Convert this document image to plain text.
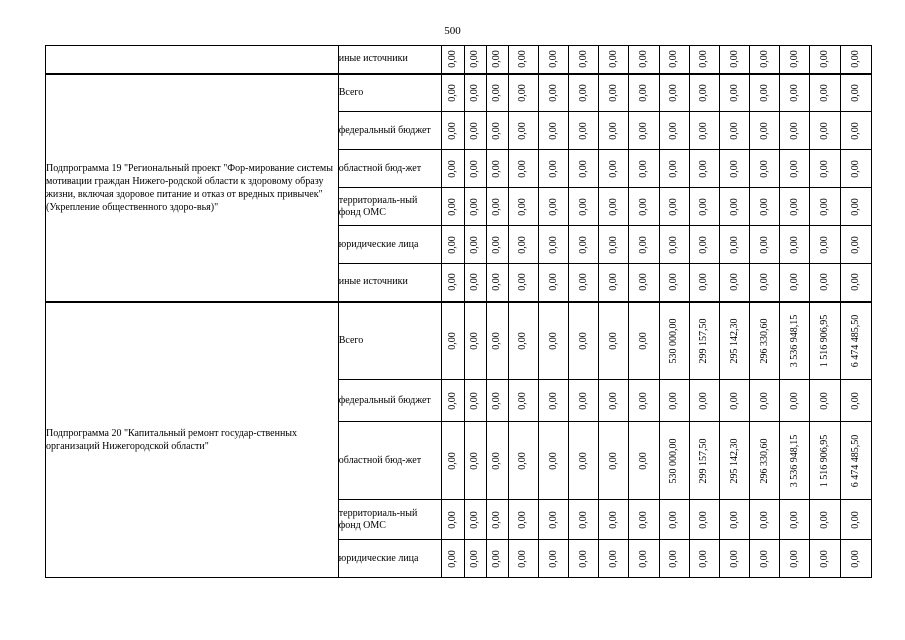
500
	иные источники	0,00	0,00	0,00	0,00	0,00	0,00	0,00	0,00	0,00	0,00	0,00	0,00	0,00	0,00	0,00

Подпрограмма 19 "Региональный проект "Фор-мирование системы мотивации граждан Нижего-родской области к здоровому образу жизни, включая здоровое питание и отказ от вредных привычек" (Укрепление общественного здоро-вья)"	Всего	0,00	0,00	0,00	0,00	0,00	0,00	0,00	0,00	0,00	0,00	0,00	0,00	0,00	0,00	0,00

	федеральный бюджет	0,00	0,00	0,00	0,00	0,00	0,00	0,00	0,00	0,00	0,00	0,00	0,00	0,00	0,00	0,00

	областной бюд-жет	0,00	0,00	0,00	0,00	0,00	0,00	0,00	0,00	0,00	0,00	0,00	0,00	0,00	0,00	0,00

	территориаль-ный фонд ОМС	0,00	0,00	0,00	0,00	0,00	0,00	0,00	0,00	0,00	0,00	0,00	0,00	0,00	0,00	0,00

	юридические лица	0,00	0,00	0,00	0,00	0,00	0,00	0,00	0,00	0,00	0,00	0,00	0,00	0,00	0,00	0,00

	иные источники	0,00	0,00	0,00	0,00	0,00	0,00	0,00	0,00	0,00	0,00	0,00	0,00	0,00	0,00	0,00

Подпрограмма 20 "Капитальный ремонт государ-ственных организаций Нижегородской области"	Всего	0,00	0,00	0,00	0,00	0,00	0,00	0,00	0,00	530 000,00	299 157,50	295 142,30	296 330,60	3 536 948,15	1 516 906,95	6 474 485,50

	федеральный бюджет	0,00	0,00	0,00	0,00	0,00	0,00	0,00	0,00	0,00	0,00	0,00	0,00	0,00	0,00	0,00

	областной бюд-жет	0,00	0,00	0,00	0,00	0,00	0,00	0,00	0,00	530 000,00	299 157,50	295 142,30	296 330,60	3 536 948,15	1 516 906,95	6 474 485,50

	территориаль-ный фонд ОМС	0,00	0,00	0,00	0,00	0,00	0,00	0,00	0,00	0,00	0,00	0,00	0,00	0,00	0,00	0,00

	юридические лица	0,00	0,00	0,00	0,00	0,00	0,00	0,00	0,00	0,00	0,00	0,00	0,00	0,00	0,00	0,00
